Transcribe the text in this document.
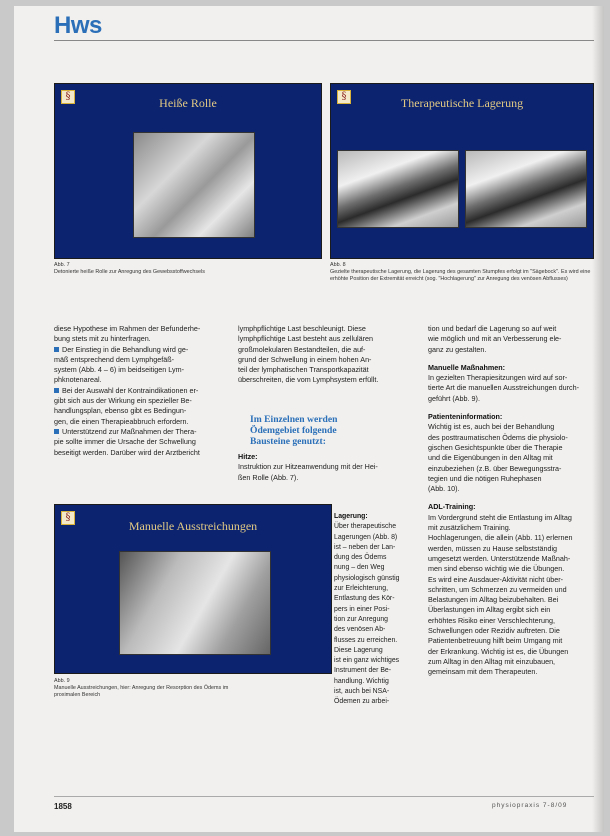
Hws
§	Heiße Rolle
Abb. 7
Detonierte heiße Rolle zur Anregung des Gewebsstoffwechsels
§	Therapeutische Lagerung
Abb. 8
Gezielte therapeutische Lagerung, die Lagerung des gesamten Stumpfes erfolgt im "Sägebock". Es wird eine erhöhte Position der Extremität erreicht (sog. "Hochlagerung" zur Anregung des venösen Abflusses)

diese Hypothese im Rahmen der Befunderhe-

bung stets mit zu hinterfragen.

Der Einstieg in die Behandlung wird ge-
mäß entsprechend dem Lymphgefäß-
system (Abb. 4 – 6) im beidseitigen Lym-
phknotenareal.

Bei der Auswahl der Kontraindikationen er-
gibt sich aus der Wirkung ein spezieller Be-
handlungsplan, ebenso gibt es Bedingun-
gen, die einen Therapieabbruch erfordern.

Unterstützend zur Maßnahmen der Thera-
pie sollte immer die Ursache der Schwellung
beseitigt werden. Darüber wird der Arztbericht

lymphpflichtige Last beschleunigt. Diese

lymphpflichtige Last besteht aus zellulären

großmolekularen Bestandteilen, die auf-

grund der Schwellung in einem hohen An-

teil der lymphatischen Transportkapazität

überschreiten, die vom Lymphsystem erfüllt.

Im Einzelnen werden Ödemgebiet folgende Bausteine genutzt:

Hitze:

Instruktion zur Hitzeanwendung mit der Hei-

ßen Rolle (Abb. 7).

§
Manuelle Ausstreichungen
Abb. 9
Manuelle Ausstreichungen, hier: Anregung der Resorption des Ödems im proximalen Bereich

Lagerung:

Über therapeutische

Lagerungen (Abb. 8)

ist – neben der Lan-

dung des Ödems

nung – den Weg

physiologisch günstig

zur Erleichterung,

Entlastung des Kör-

pers in einer Posi-

tion zur Anregung

des venösen Ab-

flusses zu erreichen.

Diese Lagerung

ist ein ganz wichtiges

Instrument der Be-

handlung. Wichtig

ist, auch bei NSA-

Ödemen zu arbei-

tion und bedarf die Lagerung so auf weit

wie möglich und mit an Verbesserung ele-

ganz zu gestalten.

Manuelle Maßnahmen:

In gezielten Therapiesitzungen wird auf sor-

tierte Art die manuellen Ausstreichungen durch-

geführt (Abb. 9).

Patienteninformation:

Wichtig ist es, auch bei der Behandlung

des posttraumatischen Ödems die physiolo-

gischen Gesichtspunkte über die Therapie

und die Eigenübungen in den Alltag mit

einzubeziehen (z.B. über Bewegungsstra-

tegien und die nötigen Ruhephasen

(Abb. 10).

ADL-Training:

Im Vordergrund steht die Entlastung im Alltag

mit zusätzlichem Training.

Hochlagerungen, die allein (Abb. 11) erlernen

werden, müssen zu Hause selbstständig

umgesetzt werden. Unterstützende Maßnah-

men sind ebenso wichtig wie die Übungen.

Es wird eine Ausdauer-Aktivität nicht über-

schritten, um Schmerzen zu vermeiden und

Belastungen im Alltag beizubehalten. Bei

Überlastungen im Alltag ergibt sich ein

erhöhtes Risiko einer Verschlechterung,

Schwellungen oder Rezidiv auftreten. Die

Patientenbetreuung hilft beim Umgang mit

der Erkrankung. Wichtig ist es, die Übungen

zum Alltag in den Alltag mit einzubauen,

gemeinsam mit dem Therapeuten.

1858	physiopraxis 7-8/09
